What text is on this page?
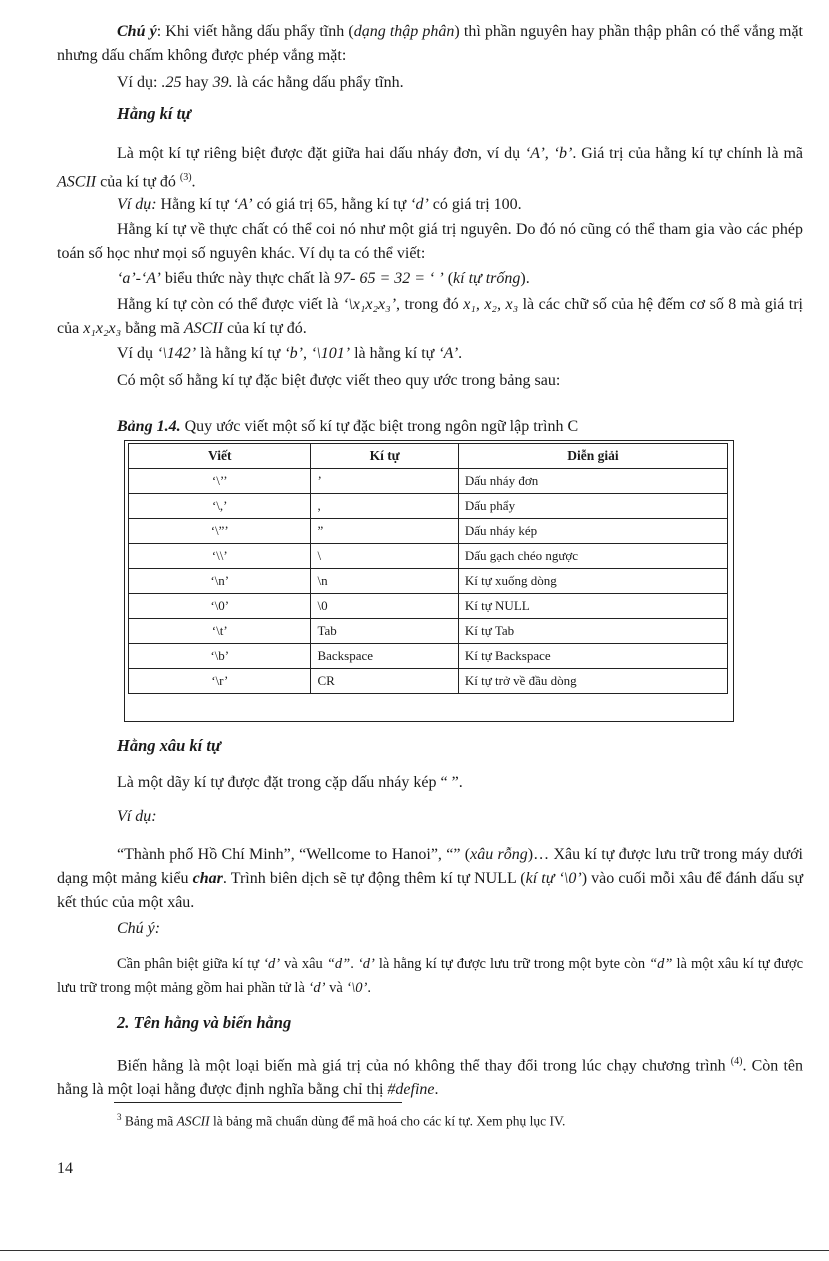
Chú ý: Khi viết hằng dấu phẩy tĩnh (dạng thập phân) thì phần nguyên hay phần thập phân có thể vắng mặt nhưng dấu chấm không được phép vắng mặt:
Ví dụ: .25 hay 39. là các hằng dấu phẩy tĩnh.
Hằng kí tự
Là một kí tự riêng biệt được đặt giữa hai dấu nháy đơn, ví dụ ‘A’, ‘b’. Giá trị của hằng kí tự chính là mã ASCII của kí tự đó $^{(3)}$.
Ví dụ: Hằng kí tự ‘A’ có giá trị 65, hằng kí tự ‘d’ có giá trị 100.
Hằng kí tự về thực chất có thể coi nó như một giá trị nguyên. Do đó nó cũng có thể tham gia vào các phép toán số học như mọi số nguyên khác. Ví dụ ta có thể viết:
‘a’-‘A’ biểu thức này thực chất là 97- 65 = 32 = ‘ ’ (kí tự trống).
Hằng kí tự còn có thể được viết là ‘\x₁x₂x₃’, trong đó x₁, x₂, x₃ là các chữ số của hệ đếm cơ số 8 mà giá trị của x₁x₂x₃ bằng mã ASCII của kí tự đó.
Ví dụ ‘\142’ là hằng kí tự ‘b’, ‘\101’ là hằng kí tự ‘A’.
Có một số hằng kí tự đặc biệt được viết theo quy ước trong bảng sau:
Bảng 1.4. Quy ước viết một số kí tự đặc biệt trong ngôn ngữ lập trình C
Viết	Kí tự	Diễn giải
‘\’’	’	Dấu nháy đơn
‘\,’	,	Dấu phẩy
‘\”’	”	Dấu nháy kép
‘\\’	\	Dấu gạch chéo ngược
‘\n’	\n	Kí tự xuống dòng
‘\0’	\0	Kí tự NULL
‘\t’	Tab	Kí tự Tab
‘\b’	Backspace	Kí tự Backspace
‘\r’	CR	Kí tự trở về đầu dòng
Hằng xâu kí tự
Là một dãy kí tự được đặt trong cặp dấu nháy kép “ ”.
Ví dụ:
“Thành phố Hồ Chí Minh”, “Wellcome to Hanoi”, “” (xâu rỗng)… Xâu kí tự được lưu trữ trong máy dưới dạng một mảng kiểu char. Trình biên dịch sẽ tự động thêm kí tự NULL (kí tự ‘\0’) vào cuối mỗi xâu để đánh dấu sự kết thúc của một xâu.
Chú ý:
Cần phân biệt giữa kí tự ‘d’ và xâu “d”. ‘d’ là hằng kí tự được lưu trữ trong một byte còn “d” là một xâu kí tự được lưu trữ trong một mảng gồm hai phần tử là ‘d’ và ‘\0’.
2. Tên hằng và biến hằng
Biến hằng là một loại biến mà giá trị của nó không thể thay đổi trong lúc chạy chương trình $^{(4)}$. Còn tên hằng là một loại hằng được định nghĩa bằng chỉ thị #define.
$^3$ Bảng mã ASCII là bảng mã chuẩn dùng để mã hoá cho các kí tự. Xem phụ lục IV.
14
